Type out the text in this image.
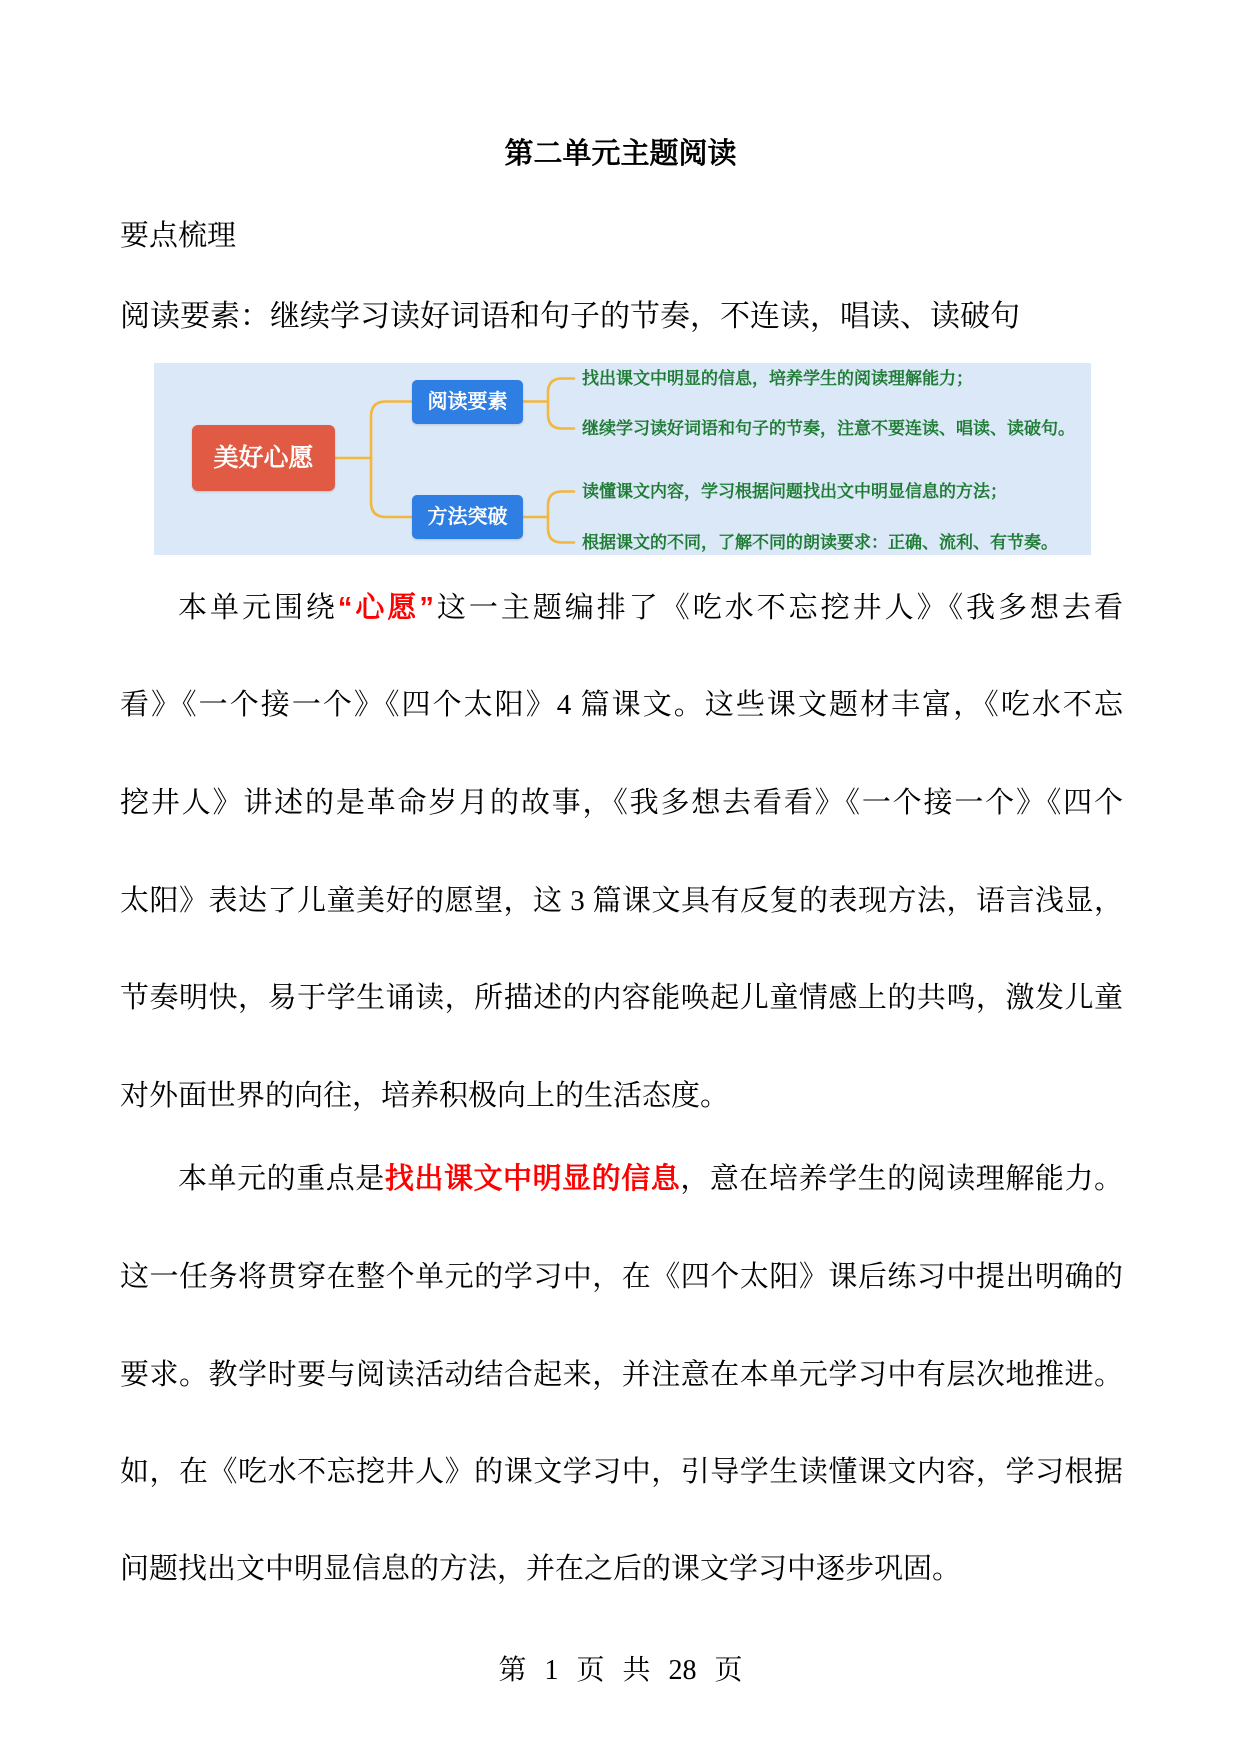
第二单元主题阅读
要点梳理
阅读要素：继续学习读好词语和句子的节奏，不连读，唱读、读破句
美好心愿
阅读要素
方法突破
找出课文中明显的信息，培养学生的阅读理解能力；
继续学习读好词语和句子的节奏，注意不要连读、唱读、读破句。
读懂课文内容，学习根据问题找出文中明显信息的方法；
根据课文的不同，了解不同的朗读要求：正确、流利、有节奏。
本单元围绕“心愿”这一主题编排了《吃水不忘挖井人》《我多想去看
看》《一个接一个》《四个太阳》4 篇课文。这些课文题材丰富，《吃水不忘
挖井人》讲述的是革命岁月的故事，《我多想去看看》《一个接一个》《四个
太阳》表达了儿童美好的愿望，这 3 篇课文具有反复的表现方法，语言浅显，
节奏明快，易于学生诵读，所描述的内容能唤起儿童情感上的共鸣，激发儿童
对外面世界的向往，培养积极向上的生活态度。
本单元的重点是找出课文中明显的信息，意在培养学生的阅读理解能力。
这一任务将贯穿在整个单元的学习中，在《四个太阳》课后练习中提出明确的
要求。教学时要与阅读活动结合起来，并注意在本单元学习中有层次地推进。
如，在《吃水不忘挖井人》的课文学习中，引导学生读懂课文内容，学习根据
问题找出文中明显信息的方法，并在之后的课文学习中逐步巩固。
第 1 页 共 28 页
